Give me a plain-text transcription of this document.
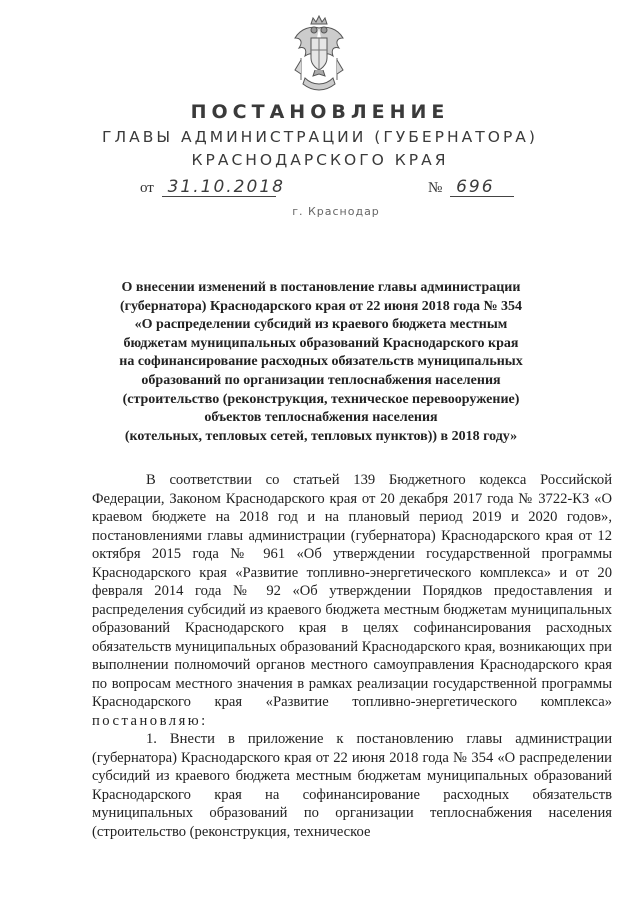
ПОСТАНОВЛЕНИЕ
ГЛАВЫ АДМИНИСТРАЦИИ (ГУБЕРНАТОРА)
КРАСНОДАРСКОГО КРАЯ
от 31.10.2018	№ 696
г. Краснодар
О внесении изменений в постановление главы администрации
(губернатора) Краснодарского края от 22 июня 2018 года № 354
«О распределении субсидий из краевого бюджета местным
бюджетам муниципальных образований Краснодарского края
на софинансирование расходных обязательств муниципальных
образований по организации теплоснабжения населения
(строительство (реконструкция, техническое перевооружение)
объектов теплоснабжения населения
(котельных, тепловых сетей, тепловых пунктов)) в 2018 году»

В соответствии со статьей 139 Бюджетного кодекса Российской Федерации, Законом Краснодарского края от 20 декабря 2017 года № 3722-КЗ «О краевом бюджете на 2018 год и на плановый период 2019 и 2020 годов», постановлениями главы администрации (губернатора) Краснодарского края от 12 октября 2015 года № 961 «Об утверждении государственной программы Краснодарского края «Развитие топливно-энергетического комплекса» и от 20 февраля 2014 года № 92 «Об утверждении Порядков предоставления и распределения субсидий из краевого бюджета местным бюджетам муниципальных образований Краснодарского края в целях софинансирования расходных обязательств муниципальных образований Краснодарского края, возникающих при выполнении полномочий органов местного самоуправления Краснодарского края по вопросам местного значения в рамках реализации государственной программы Краснодарского края «Развитие топливно-энергетического комплекса» постановляю:

1. Внести в приложение к постановлению главы администрации (губернатора) Краснодарского края от 22 июня 2018 года № 354 «О распределении субсидий из краевого бюджета местным бюджетам муниципальных образований Краснодарского края на софинансирование расходных обязательств муниципальных образований по организации теплоснабжения населения (строительство (реконструкция, техническое
